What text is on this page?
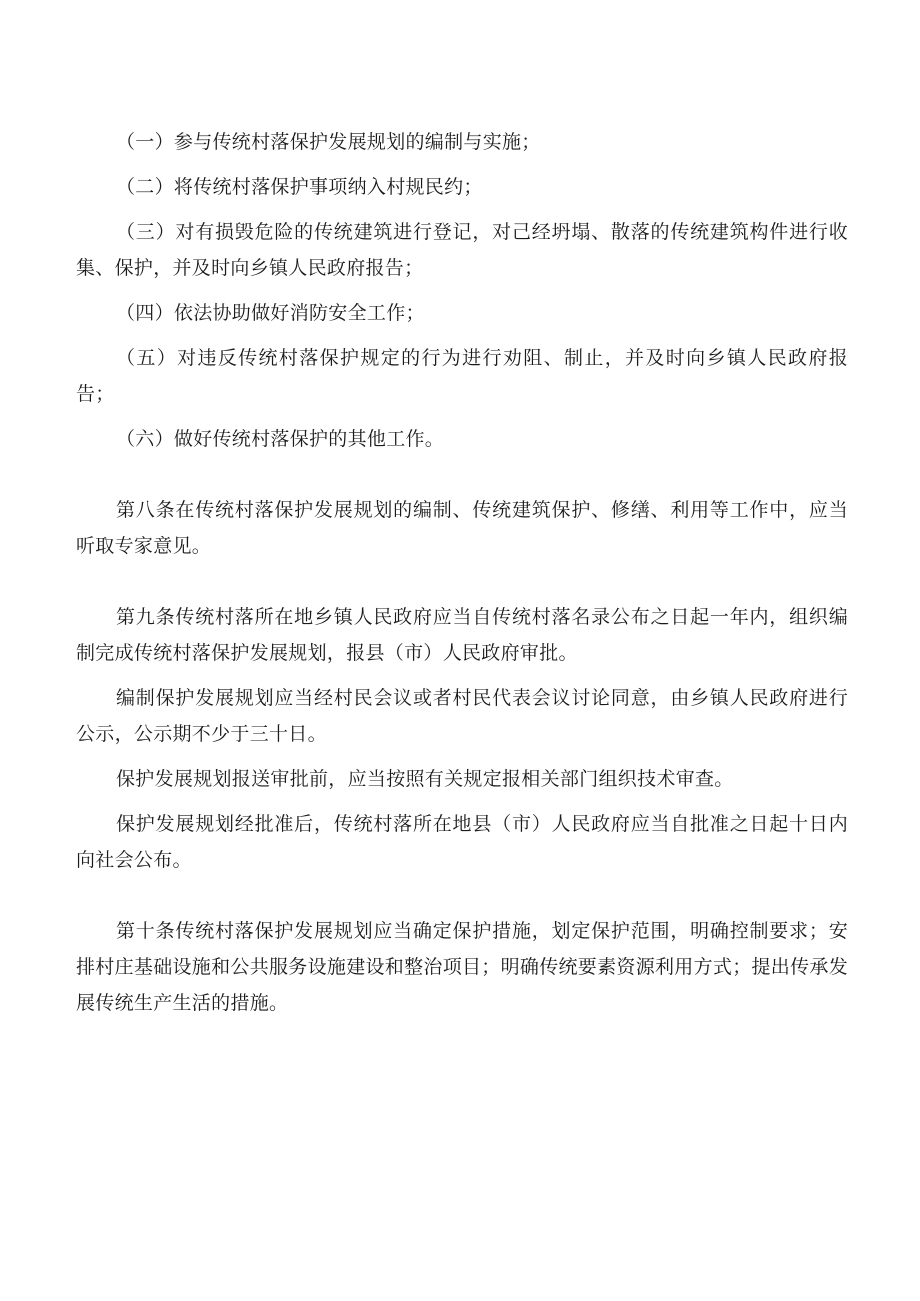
（一）参与传统村落保护发展规划的编制与实施；

（二）将传统村落保护事项纳入村规民约；

（三）对有损毁危险的传统建筑进行登记，对己经坍塌、散落的传统建筑构件进行收集、保护，并及时向乡镇人民政府报告；

（四）依法协助做好消防安全工作；

（五）对违反传统村落保护规定的行为进行劝阻、制止，并及时向乡镇人民政府报告；

（六）做好传统村落保护的其他工作。

第八条在传统村落保护发展规划的编制、传统建筑保护、修缮、利用等工作中，应当听取专家意见。

第九条传统村落所在地乡镇人民政府应当自传统村落名录公布之日起一年内，组织编制完成传统村落保护发展规划，报县（市）人民政府审批。

编制保护发展规划应当经村民会议或者村民代表会议讨论同意，由乡镇人民政府进行公示，公示期不少于三十日。

保护发展规划报送审批前，应当按照有关规定报相关部门组织技术审查。

保护发展规划经批准后，传统村落所在地县（市）人民政府应当自批准之日起十日内向社会公布。

第十条传统村落保护发展规划应当确定保护措施，划定保护范围，明确控制要求；安排村庄基础设施和公共服务设施建设和整治项目；明确传统要素资源利用方式；提出传承发展传统生产生活的措施。
